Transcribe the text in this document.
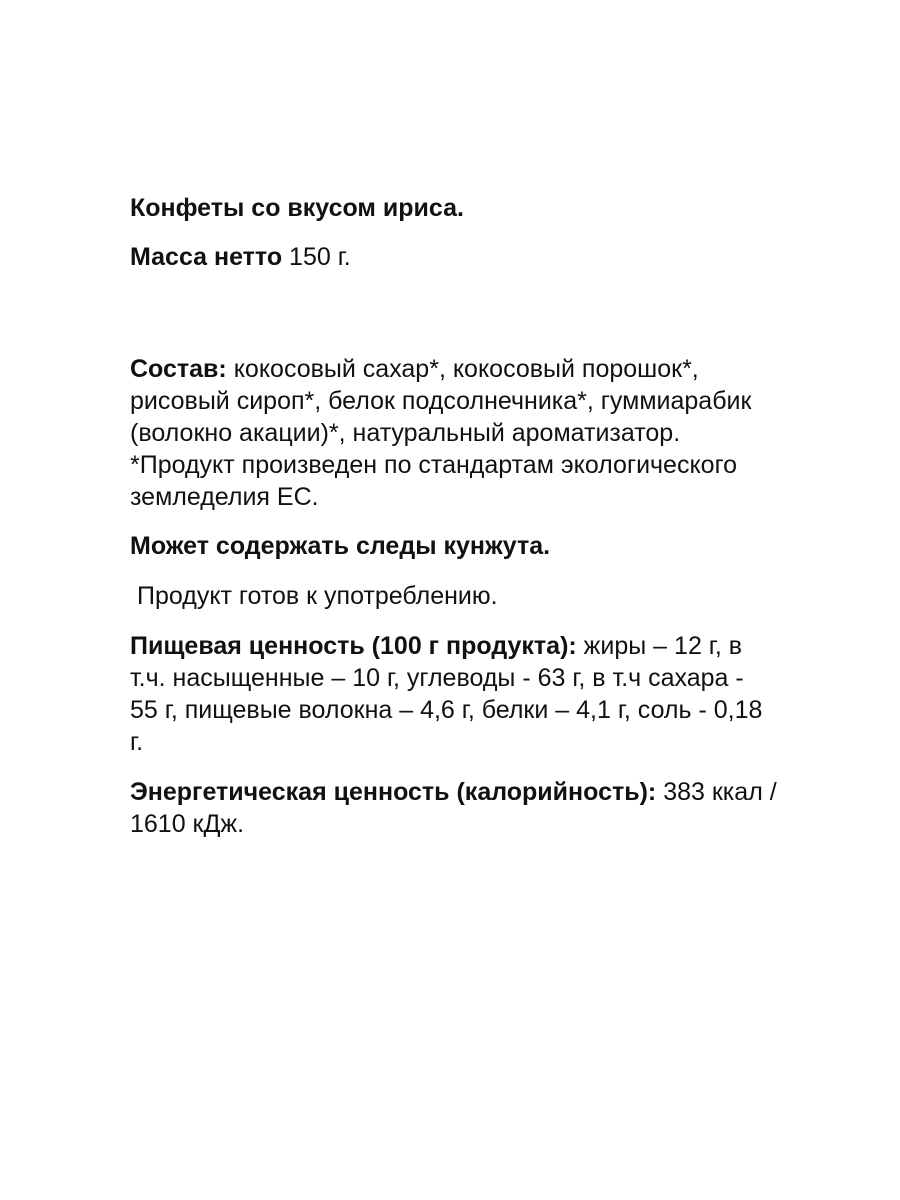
Конфеты со вкусом ириса.

Масса нетто 150 г.

Состав: кокосовый сахар*, кокосовый порошок*,
рисовый сироп*, белок подсолнечника*, гуммиарабик
(волокно акации)*, натуральный ароматизатор.
*Продукт произведен по стандартам экологического
земледелия ЕС.

Может содержать следы кунжута.

Продукт готов к употреблению.

Пищевая ценность (100 г продукта): жиры – 12 г, в
т.ч. насыщенные – 10 г, углеводы - 63 г, в т.ч сахара -
55 г, пищевые волокна – 4,6 г, белки – 4,1 г, соль - 0,18
г.

Энергетическая ценность (калорийность): 383 ккал /
1610 кДж.
